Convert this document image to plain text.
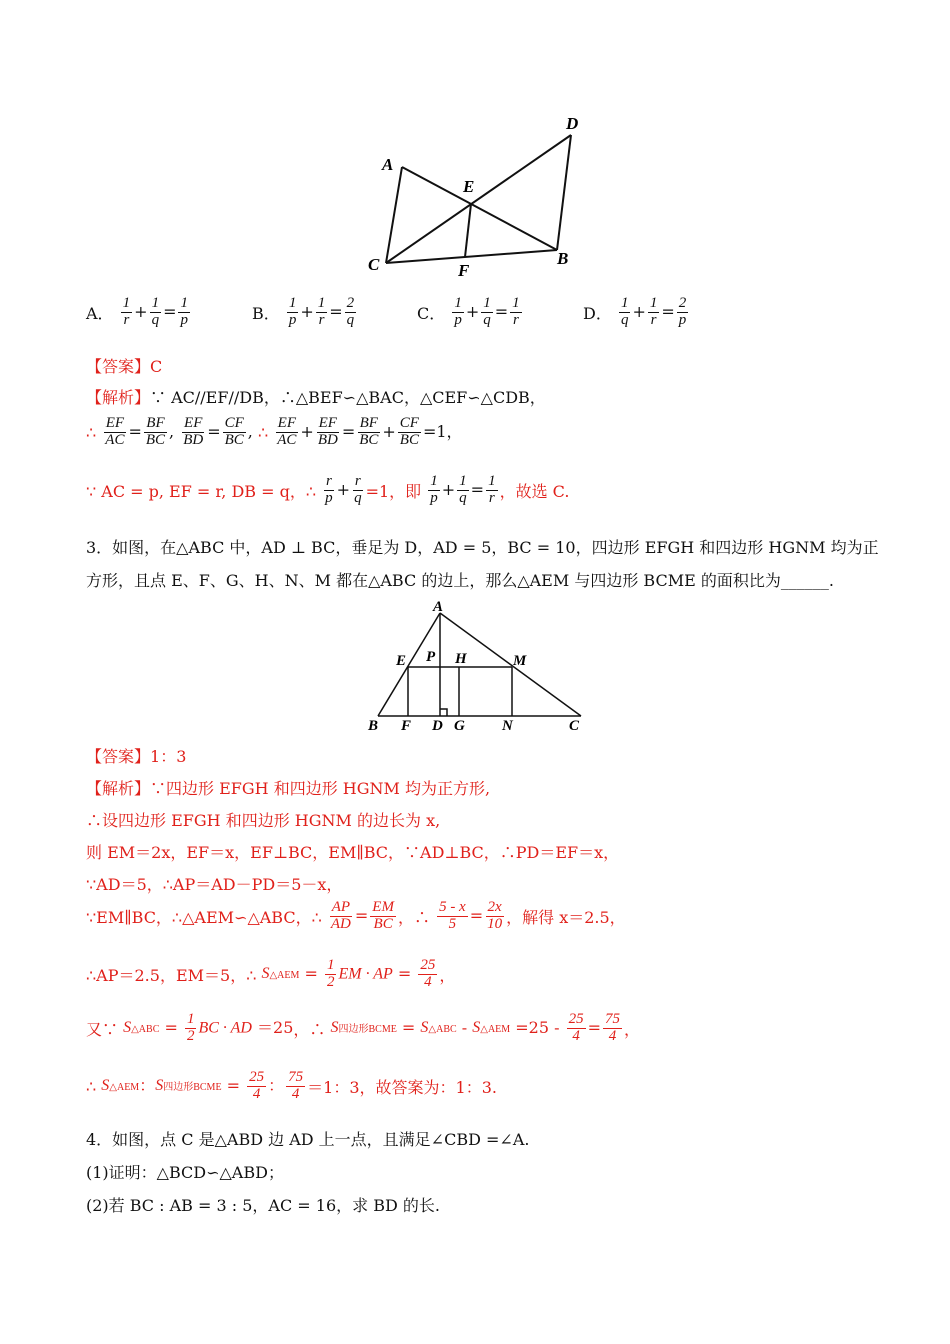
A
D
E
C	F
B
A． $\frac{1}{r} + \frac{1}{q} = \frac{1}{p}$	B． $\frac{1}{p} + \frac{1}{r} = \frac{2}{q}$	C． $\frac{1}{p} + \frac{1}{q} = \frac{1}{r}$	D． $\frac{1}{q} + \frac{1}{r} = \frac{2}{p}$
【答案】C
【解析】∵ AC//EF//DB，∴△BEF∽△BAC，△CEF∽△CDB，
∴ $\frac{EF}{AC} = \frac{BF}{BC}$ , $\frac{EF}{BD} = \frac{CF}{BC}$ , ∴ $\frac{EF}{AC} + \frac{EF}{BD} = \frac{BF}{BC} + \frac{CF}{BC} =1$，
∵ AC = p, EF = r, DB = q，∴ $\frac{r}{p} + \frac{r}{q} =1$，即 $\frac{1}{p} + \frac{1}{q} = \frac{1}{r}$ ，故选 C.
3．如图，在△ABC 中，AD ⊥ BC，垂足为 D，AD = 5，BC = 10，四边形 EFGH 和四边形 HGNM 均为正
方形，且点 E、F、G、H、N、M 都在△ABC 的边上，那么△AEM 与四边形 BCME 的面积比为______.
A
E P H	M
B F D G N	C
【答案】1：3
【解析】∵四边形 EFGH 和四边形 HGNM 均为正方形,
∴设四边形 EFGH 和四边形 HGNM 的边长为 x,
则 EM＝2x，EF＝x，EF⊥BC，EM∥BC，∵AD⊥BC，∴PD＝EF＝x，
∵AD＝5，∴AP＝AD－PD＝5－x，
∵EM∥BC，∴△AEM∽△ABC，∴ $\frac{AP}{AD} = \frac{EM}{BC}$ ，∴ $\frac{5 - x}{5} = \frac{2x}{10}$ ，解得 x＝2.5，
∴AP＝2.5，EM＝5，∴ S△AEM = $\frac{1}{2}$ EM · AP = $\frac{25}{4}$ ，
又∵ S△ABC = $\frac{1}{2}$ BC · AD ＝25，∴ S四边形BCME = S△ABC - S△AEM $=25 - \frac{25}{4} = \frac{75}{4}$ ，
∴ S△AEM：S四边形BCME = $\frac{25}{4}$ ： $\frac{75}{4} =1$：3，故答案为：1：3.
4．如图，点 C 是△ABD 边 AD 上一点，且满足∠CBD =∠A.
(1)证明：△BCD∽△ABD；
(2)若 BC : AB = 3 : 5，AC = 16，求 BD 的长.
